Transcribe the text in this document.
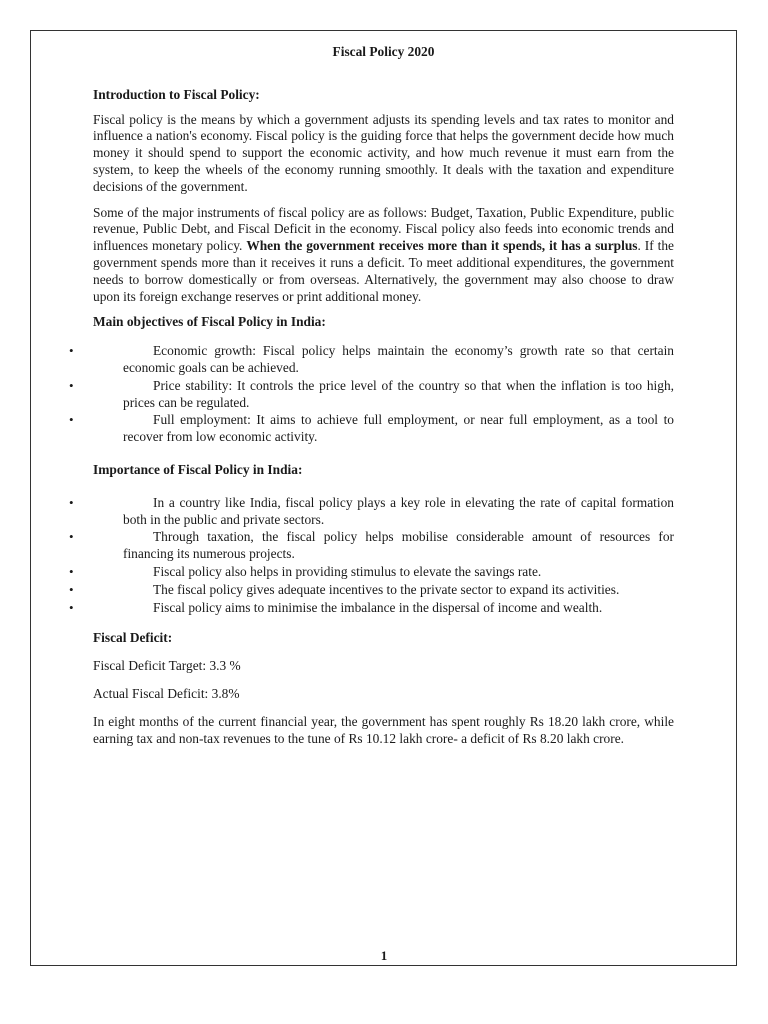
Fiscal Policy 2020
Introduction to Fiscal Policy:

Fiscal policy is the means by which a government adjusts its spending levels and tax rates to monitor and influence a nation's economy. Fiscal policy is the guiding force that helps the government decide how much money it should spend to support the economic activity, and how much revenue it must earn from the system, to keep the wheels of the economy running smoothly. It deals with the taxation and expenditure decisions of the government.

Some of the major instruments of fiscal policy are as follows: Budget, Taxation, Public Expenditure, public revenue, Public Debt, and Fiscal Deficit in the economy. Fiscal policy also feeds into economic trends and influences monetary policy. When the government receives more than it spends, it has a surplus. If the government spends more than it receives it runs a deficit. To meet additional expenditures, the government needs to borrow domestically or from overseas. Alternatively, the government may also choose to draw upon its foreign exchange reserves or print additional money.

Main objectives of Fiscal Policy in India:
•	Economic growth: Fiscal policy helps maintain the economy’s growth rate so that certain economic goals can be achieved.
•	Price stability: It controls the price level of the country so that when the inflation is too high, prices can be regulated.
•	Full employment: It aims to achieve full employment, or near full employment, as a tool to recover from low economic activity.
Importance of Fiscal Policy in India:
•	In a country like India, fiscal policy plays a key role in elevating the rate of capital formation both in the public and private sectors.
•	Through taxation, the fiscal policy helps mobilise considerable amount of resources for financing its numerous projects.
•	Fiscal policy also helps in providing stimulus to elevate the savings rate.
•	The fiscal policy gives adequate incentives to the private sector to expand its activities.
•	Fiscal policy aims to minimise the imbalance in the dispersal of income and wealth.
Fiscal Deficit:

Fiscal Deficit Target: 3.3 %

Actual Fiscal Deficit: 3.8%

In eight months of the current financial year, the government has spent roughly Rs 18.20 lakh crore, while earning tax and non-tax revenues to the tune of Rs 10.12 lakh crore- a deficit of Rs 8.20 lakh crore.

1
